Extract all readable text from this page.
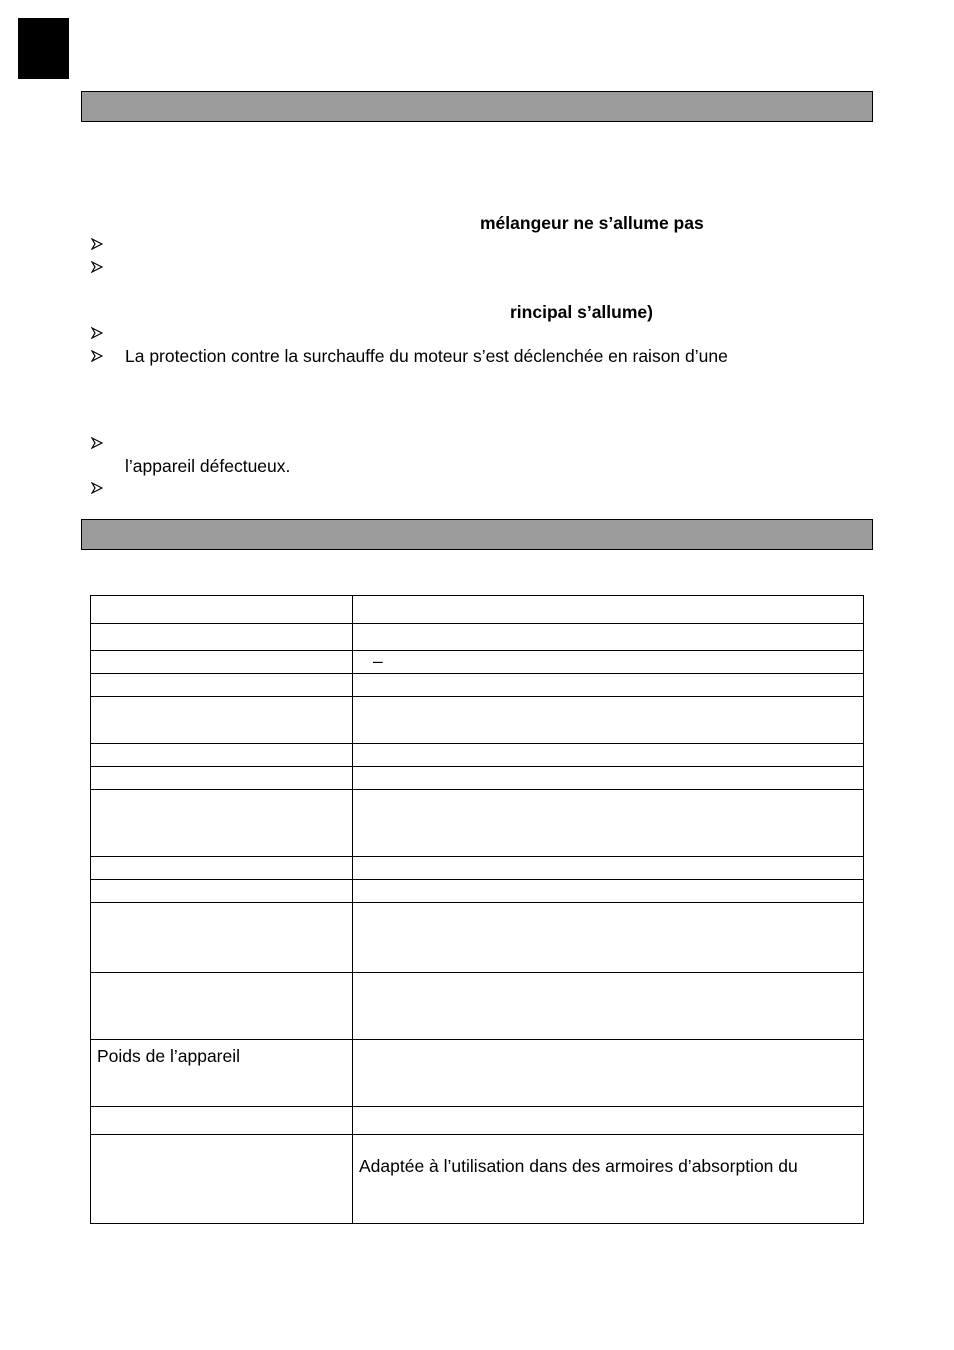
mélangeur ne s’allume pas
rincipal s’allume)
La protection contre la surchauffe du moteur s’est déclenchée en raison d’une
l’appareil défectueux.

	–

Poids de l’appareil	

	Adaptée à l’utilisation dans des armoires d’absorption du
